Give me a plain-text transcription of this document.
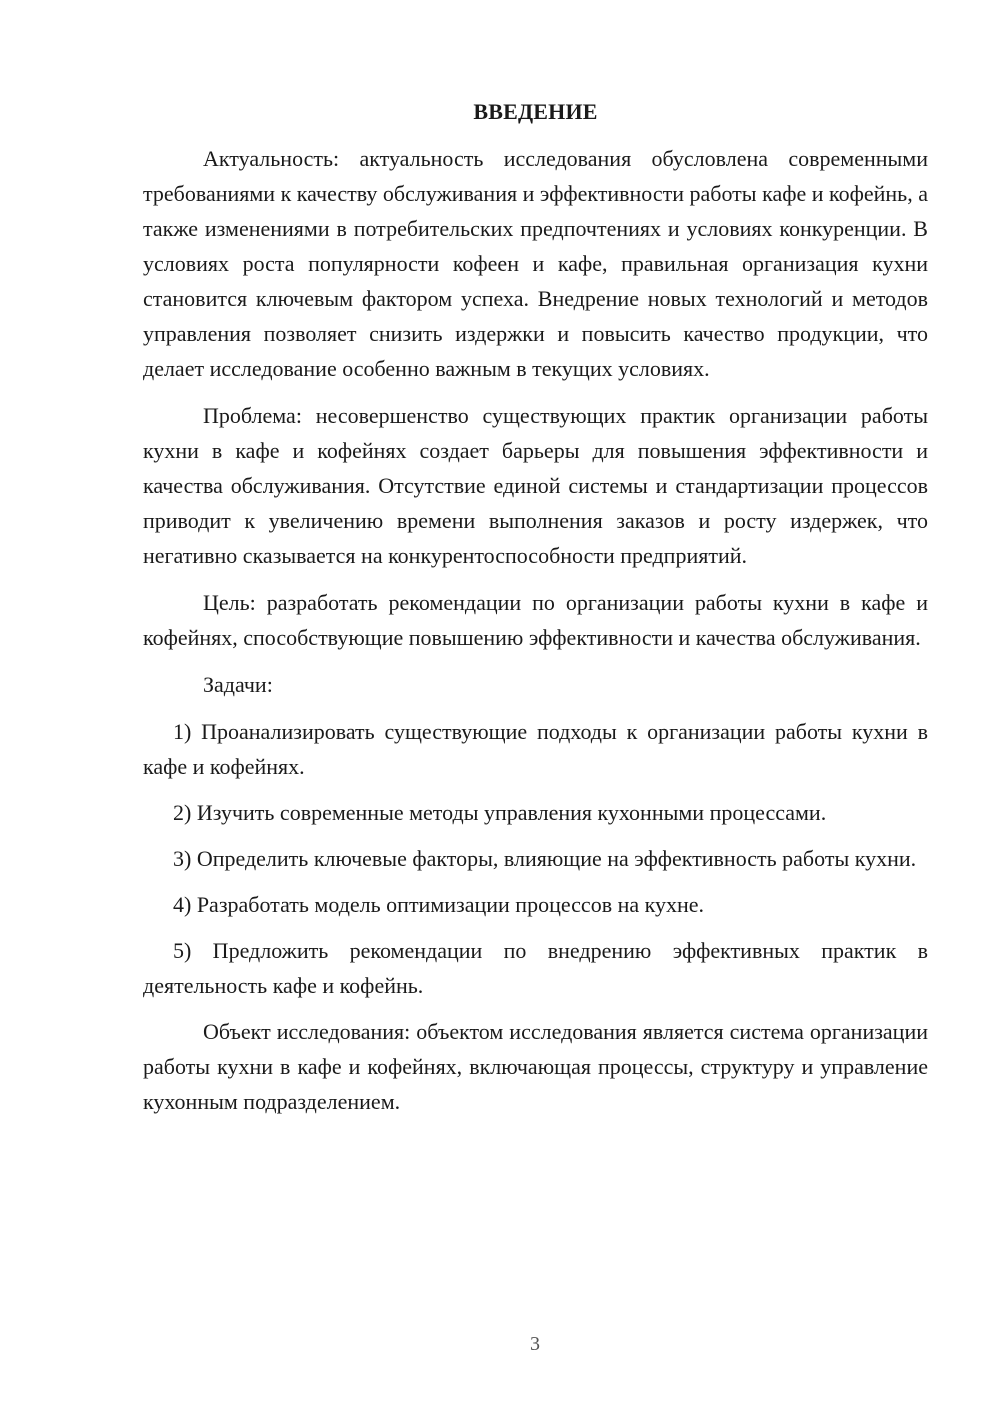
ВВЕДЕНИЕ

Актуальность: актуальность исследования обусловлена современными требованиями к качеству обслуживания и эффективности работы кафе и кофейнь, а также изменениями в потребительских предпочтениях и условиях конкуренции. В условиях роста популярности кофеен и кафе, правильная организация кухни становится ключевым фактором успеха. Внедрение новых технологий и методов управления позволяет снизить издержки и повысить качество продукции, что делает исследование особенно важным в текущих условиях.

Проблема: несовершенство существующих практик организации работы кухни в кафе и кофейнях создает барьеры для повышения эффективности и качества обслуживания. Отсутствие единой системы и стандартизации процессов приводит к увеличению времени выполнения заказов и росту издержек, что негативно сказывается на конкурентоспособности предприятий.

Цель: разработать рекомендации по организации работы кухни в кафе и кофейнях, способствующие повышению эффективности и качества обслуживания.

Задачи:

1) Проанализировать существующие подходы к организации работы кухни в кафе и кофейнях.

2) Изучить современные методы управления кухонными процессами.

3) Определить ключевые факторы, влияющие на эффективность работы кухни.

4) Разработать модель оптимизации процессов на кухне.

5) Предложить рекомендации по внедрению эффективных практик в деятельность кафе и кофейнь.

Объект исследования: объектом исследования является система организации работы кухни в кафе и кофейнях, включающая процессы, структуру и управление кухонным подразделением.

3
